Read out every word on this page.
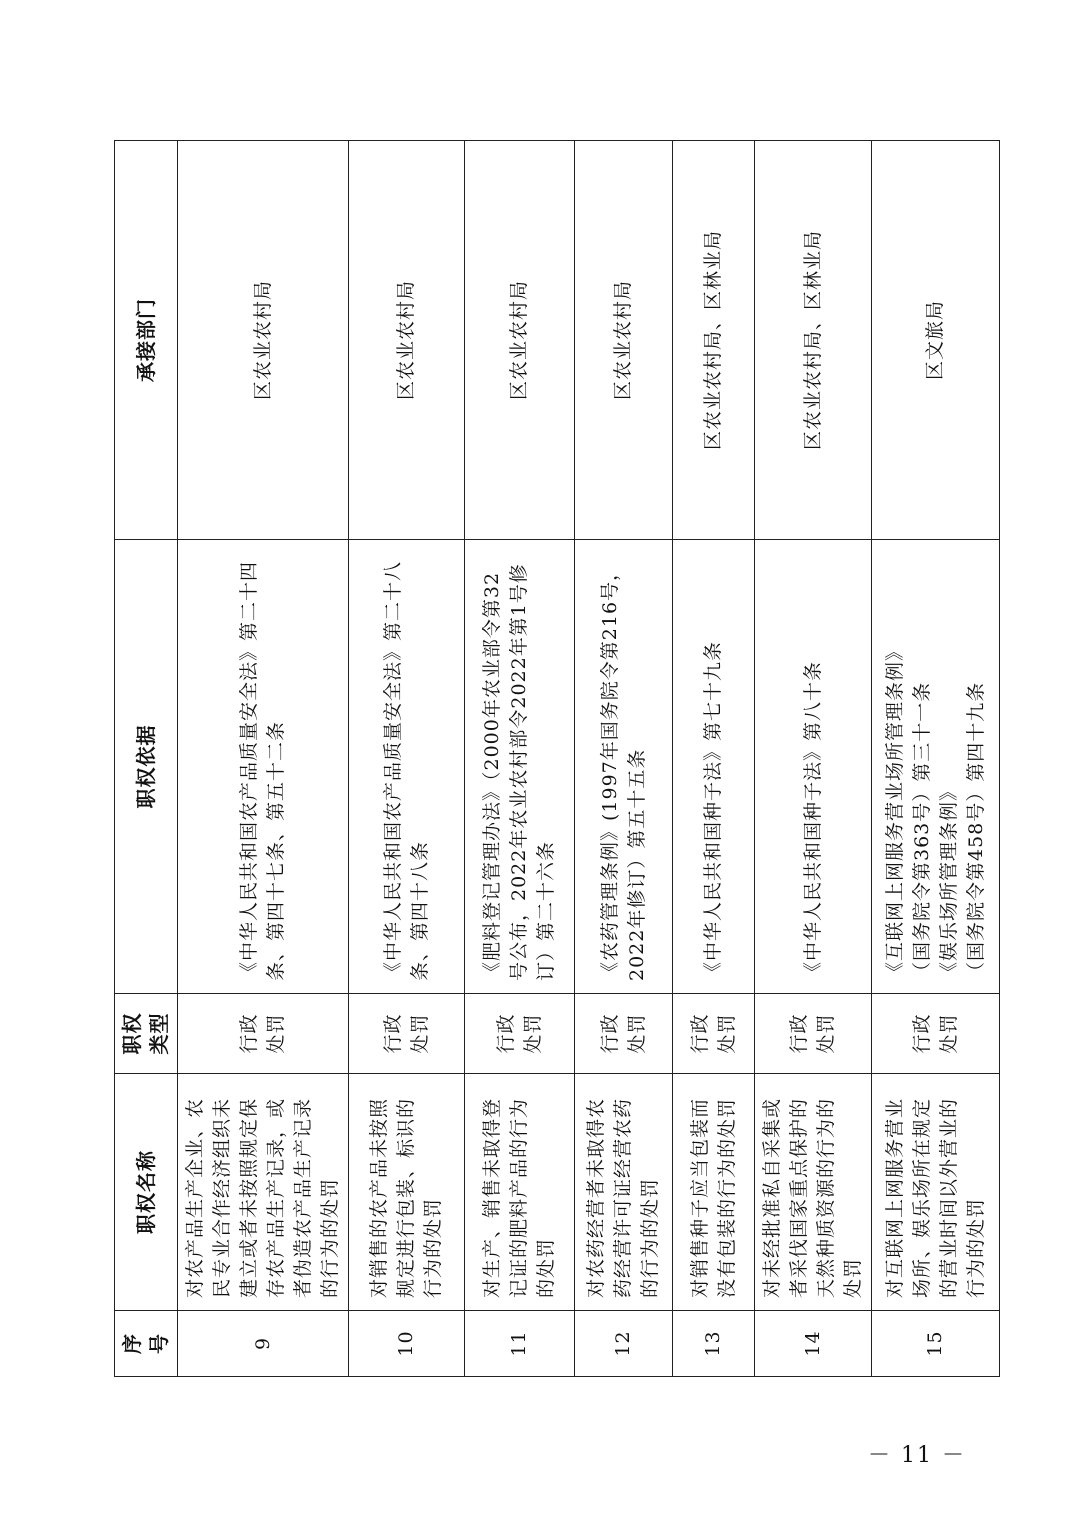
序号	职权名称	职权类型	职权依据	承接部门
9	对农产品生产企业、农民专业合作经济组织未建立或者未按照规定保存农产品生产记录，或者伪造农产品生产记录的行为的处罚	行政处罚	《中华人民共和国农产品质量安全法》第二十四条、第四十七条、第五十二条	区农业农村局
10	对销售的农产品未按照规定进行包装、标识的行为的处罚	行政处罚	《中华人民共和国农产品质量安全法》第二十八条、第四十八条	区农业农村局
11	对生产、销售未取得登记证的肥料产品的行为的处罚	行政处罚	《肥料登记管理办法》（2000年农业部令第32号公布，2022年农业农村部令2022年第1号修订）第二十六条	区农业农村局
12	对农药经营者未取得农药经营许可证经营农药的行为的处罚	行政处罚	《农药管理条例》(1997年国务院令第216号，2022年修订）第五十五条	区农业农村局
13	对销售种子应当包装而没有包装的行为的处罚	行政处罚	《中华人民共和国种子法》第七十九条	区农业农村局、区林业局
14	对未经批准私自采集或者采伐国家重点保护的天然种质资源的行为的处罚	行政处罚	《中华人民共和国种子法》第八十条	区农业农村局、区林业局
15	对互联网上网服务营业场所、娱乐场所在规定的营业时间以外营业的行为的处罚	行政处罚	《互联网上网服务营业场所管理条例》 （国务院令第363号）第三十一条 《娱乐场所管理条例》 （国务院令第458号）第四十九条	区文旅局
－ 11 －
